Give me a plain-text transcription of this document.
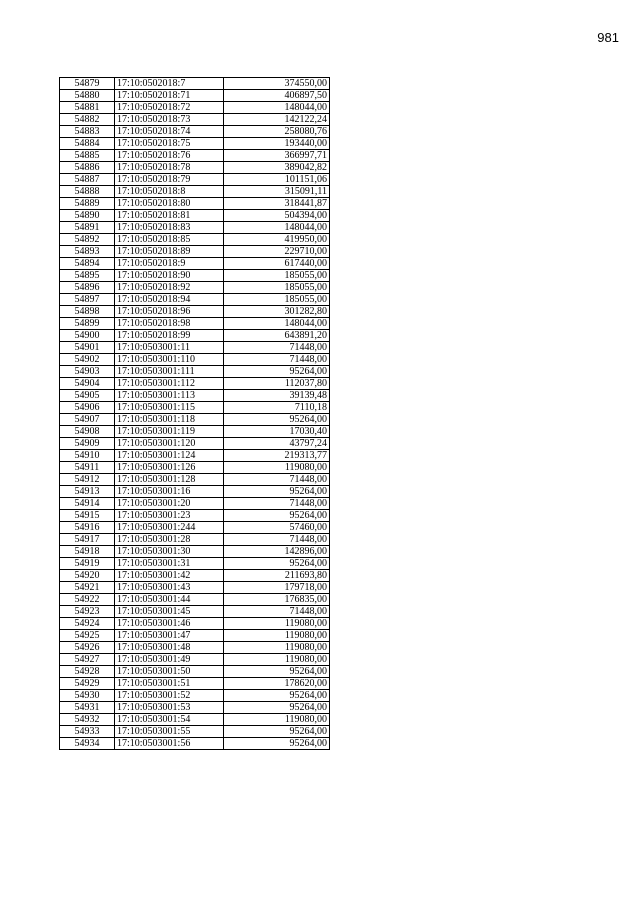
981
54879	17:10:0502018:7	374550,00
54880	17:10:0502018:71	406897,50
54881	17:10:0502018:72	148044,00
54882	17:10:0502018:73	142122,24
54883	17:10:0502018:74	258080,76
54884	17:10:0502018:75	193440,00
54885	17:10:0502018:76	366997,71
54886	17:10:0502018:78	389042,82
54887	17:10:0502018:79	101151,06
54888	17:10:0502018:8	315091,11
54889	17:10:0502018:80	318441,87
54890	17:10:0502018:81	504394,00
54891	17:10:0502018:83	148044,00
54892	17:10:0502018:85	419950,00
54893	17:10:0502018:89	229710,00
54894	17:10:0502018:9	617440,00
54895	17:10:0502018:90	185055,00
54896	17:10:0502018:92	185055,00
54897	17:10:0502018:94	185055,00
54898	17:10:0502018:96	301282,80
54899	17:10:0502018:98	148044,00
54900	17:10:0502018:99	643891,20
54901	17:10:0503001:11	71448,00
54902	17:10:0503001:110	71448,00
54903	17:10:0503001:111	95264,00
54904	17:10:0503001:112	112037,80
54905	17:10:0503001:113	39139,48
54906	17:10:0503001:115	7110,18
54907	17:10:0503001:118	95264,00
54908	17:10:0503001:119	17030,40
54909	17:10:0503001:120	43797,24
54910	17:10:0503001:124	219313,77
54911	17:10:0503001:126	119080,00
54912	17:10:0503001:128	71448,00
54913	17:10:0503001:16	95264,00
54914	17:10:0503001:20	71448,00
54915	17:10:0503001:23	95264,00
54916	17:10:0503001:244	57460,00
54917	17:10:0503001:28	71448,00
54918	17:10:0503001:30	142896,00
54919	17:10:0503001:31	95264,00
54920	17:10:0503001:42	211693,80
54921	17:10:0503001:43	179718,00
54922	17:10:0503001:44	176835,00
54923	17:10:0503001:45	71448,00
54924	17:10:0503001:46	119080,00
54925	17:10:0503001:47	119080,00
54926	17:10:0503001:48	119080,00
54927	17:10:0503001:49	119080,00
54928	17:10:0503001:50	95264,00
54929	17:10:0503001:51	178620,00
54930	17:10:0503001:52	95264,00
54931	17:10:0503001:53	95264,00
54932	17:10:0503001:54	119080,00
54933	17:10:0503001:55	95264,00
54934	17:10:0503001:56	95264,00
